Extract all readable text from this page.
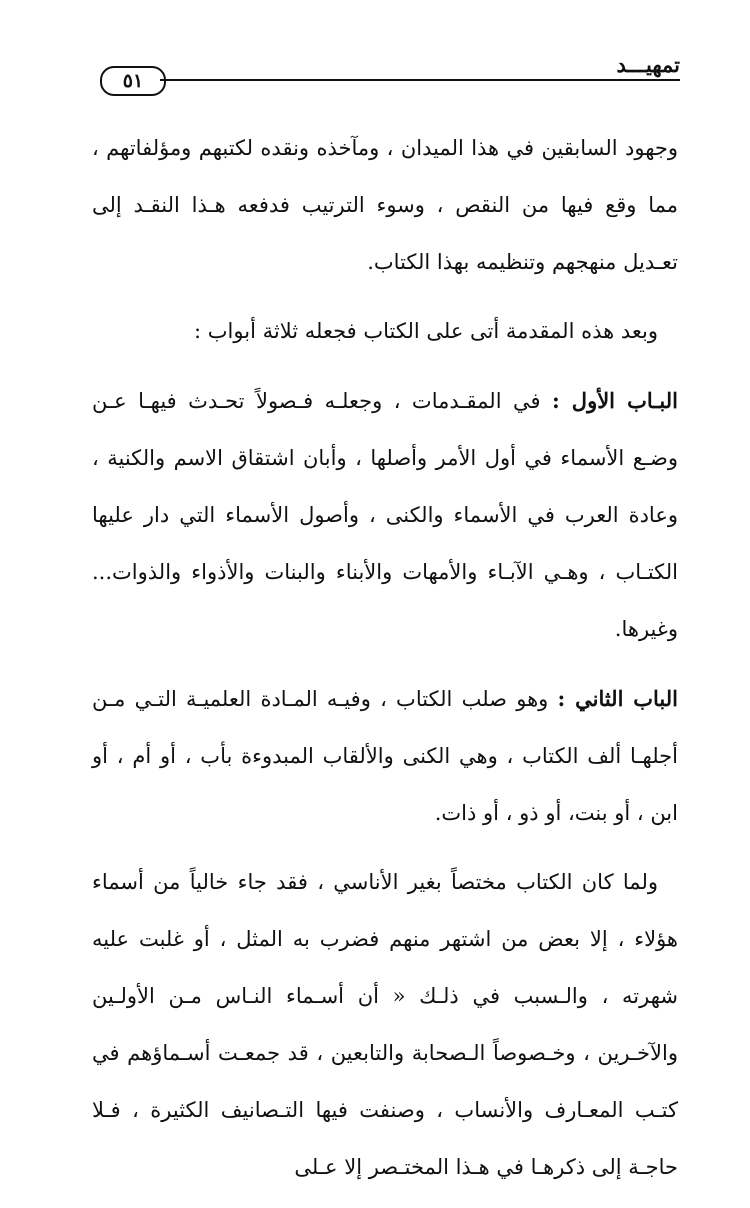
٥١
تمهيـــد

وجهود السابقين في هذا الميدان ، ومآخذه ونقده لكتبهم ومؤلفاتهم ، مما وقع فيها من النقص ، وسوء الترتيب فدفعه هـذا النقـد إلى تعـديل منهجهم وتنظيمه بهذا الكتاب.

وبعد هذه المقدمة أتى على الكتاب فجعله ثلاثة أبواب :

البـاب الأول : في المقـدمات ، وجعلـه فـصولاً تحـدث فيهـا عـن وضـع الأسماء في أول الأمر وأصلها ، وأبان اشتقاق الاسم والكنية ، وعادة العرب في الأسماء والكنى ، وأصول الأسماء التي دار عليها الكتـاب ، وهـي الآبـاء والأمهات والأبناء والبنات والأذواء والذوات... وغيرها.

الباب الثاني : وهو صلب الكتاب ، وفيـه المـادة العلميـة التـي مـن أجلهـا ألف الكتاب ، وهي الكنى والألقاب المبدوءة بأب ، أو أم ، أو ابن ، أو بنت، أو ذو ، أو ذات.

ولما كان الكتاب مختصاً بغير الأناسي ، فقد جاء خالياً من أسماء هؤلاء ، إلا بعض من اشتهر منهم فضرب به المثل ، أو غلبت عليه شهرته ، والـسبب في ذلـك « أن أسـماء النـاس مـن الأولـين والآخـرين ، وخـصوصاً الـصحابة والتابعين ، قد جمعـت أسـماؤهم في كتـب المعـارف والأنساب ، وصنفت فيها التـصانيف الكثيرة ، فـلا حاجـة إلى ذكرهـا في هـذا المختـصر إلا عـلى
